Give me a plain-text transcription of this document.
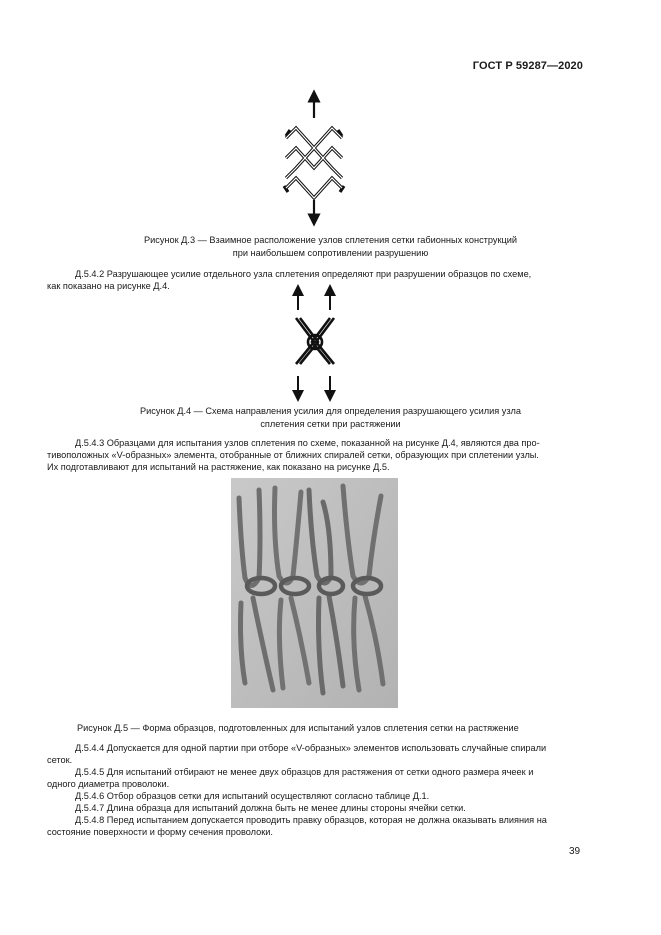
ГОСТ Р 59287—2020
Рисунок Д.3 — Взаимное расположение узлов сплетения сетки габионных конструкций
при наибольшем сопротивлении разрушению
Д.5.4.2 Разрушающее усилие отдельного узла сплетения определяют при разрушении образцов по схеме,
как показано на рисунке Д.4.
Рисунок Д.4 — Схема направления усилия для определения разрушающего усилия узла
сплетения сетки при растяжении
Д.5.4.3 Образцами для испытания узлов сплетения по схеме, показанной на рисунке Д.4, являются два про-
тивоположных «V-образных» элемента, отобранные от ближних спиралей сетки, образующих при сплетении узлы.
Их подготавливают для испытаний на растяжение, как показано на рисунке Д.5.
Рисунок Д.5 — Форма образцов, подготовленных для испытаний узлов сплетения сетки на растяжение
Д.5.4.4 Допускается для одной партии при отборе «V-образных» элементов использовать случайные спирали
сеток.
Д.5.4.5 Для испытаний отбирают не менее двух образцов для растяжения от сетки одного размера ячеек и
одного диаметра проволоки.
Д.5.4.6 Отбор образцов сетки для испытаний осуществляют согласно таблице Д.1.
Д.5.4.7 Длина образца для испытаний должна быть не менее длины стороны ячейки сетки.
Д.5.4.8 Перед испытанием допускается проводить правку образцов, которая не должна оказывать влияния на
состояние поверхности и форму сечения проволоки.
39
